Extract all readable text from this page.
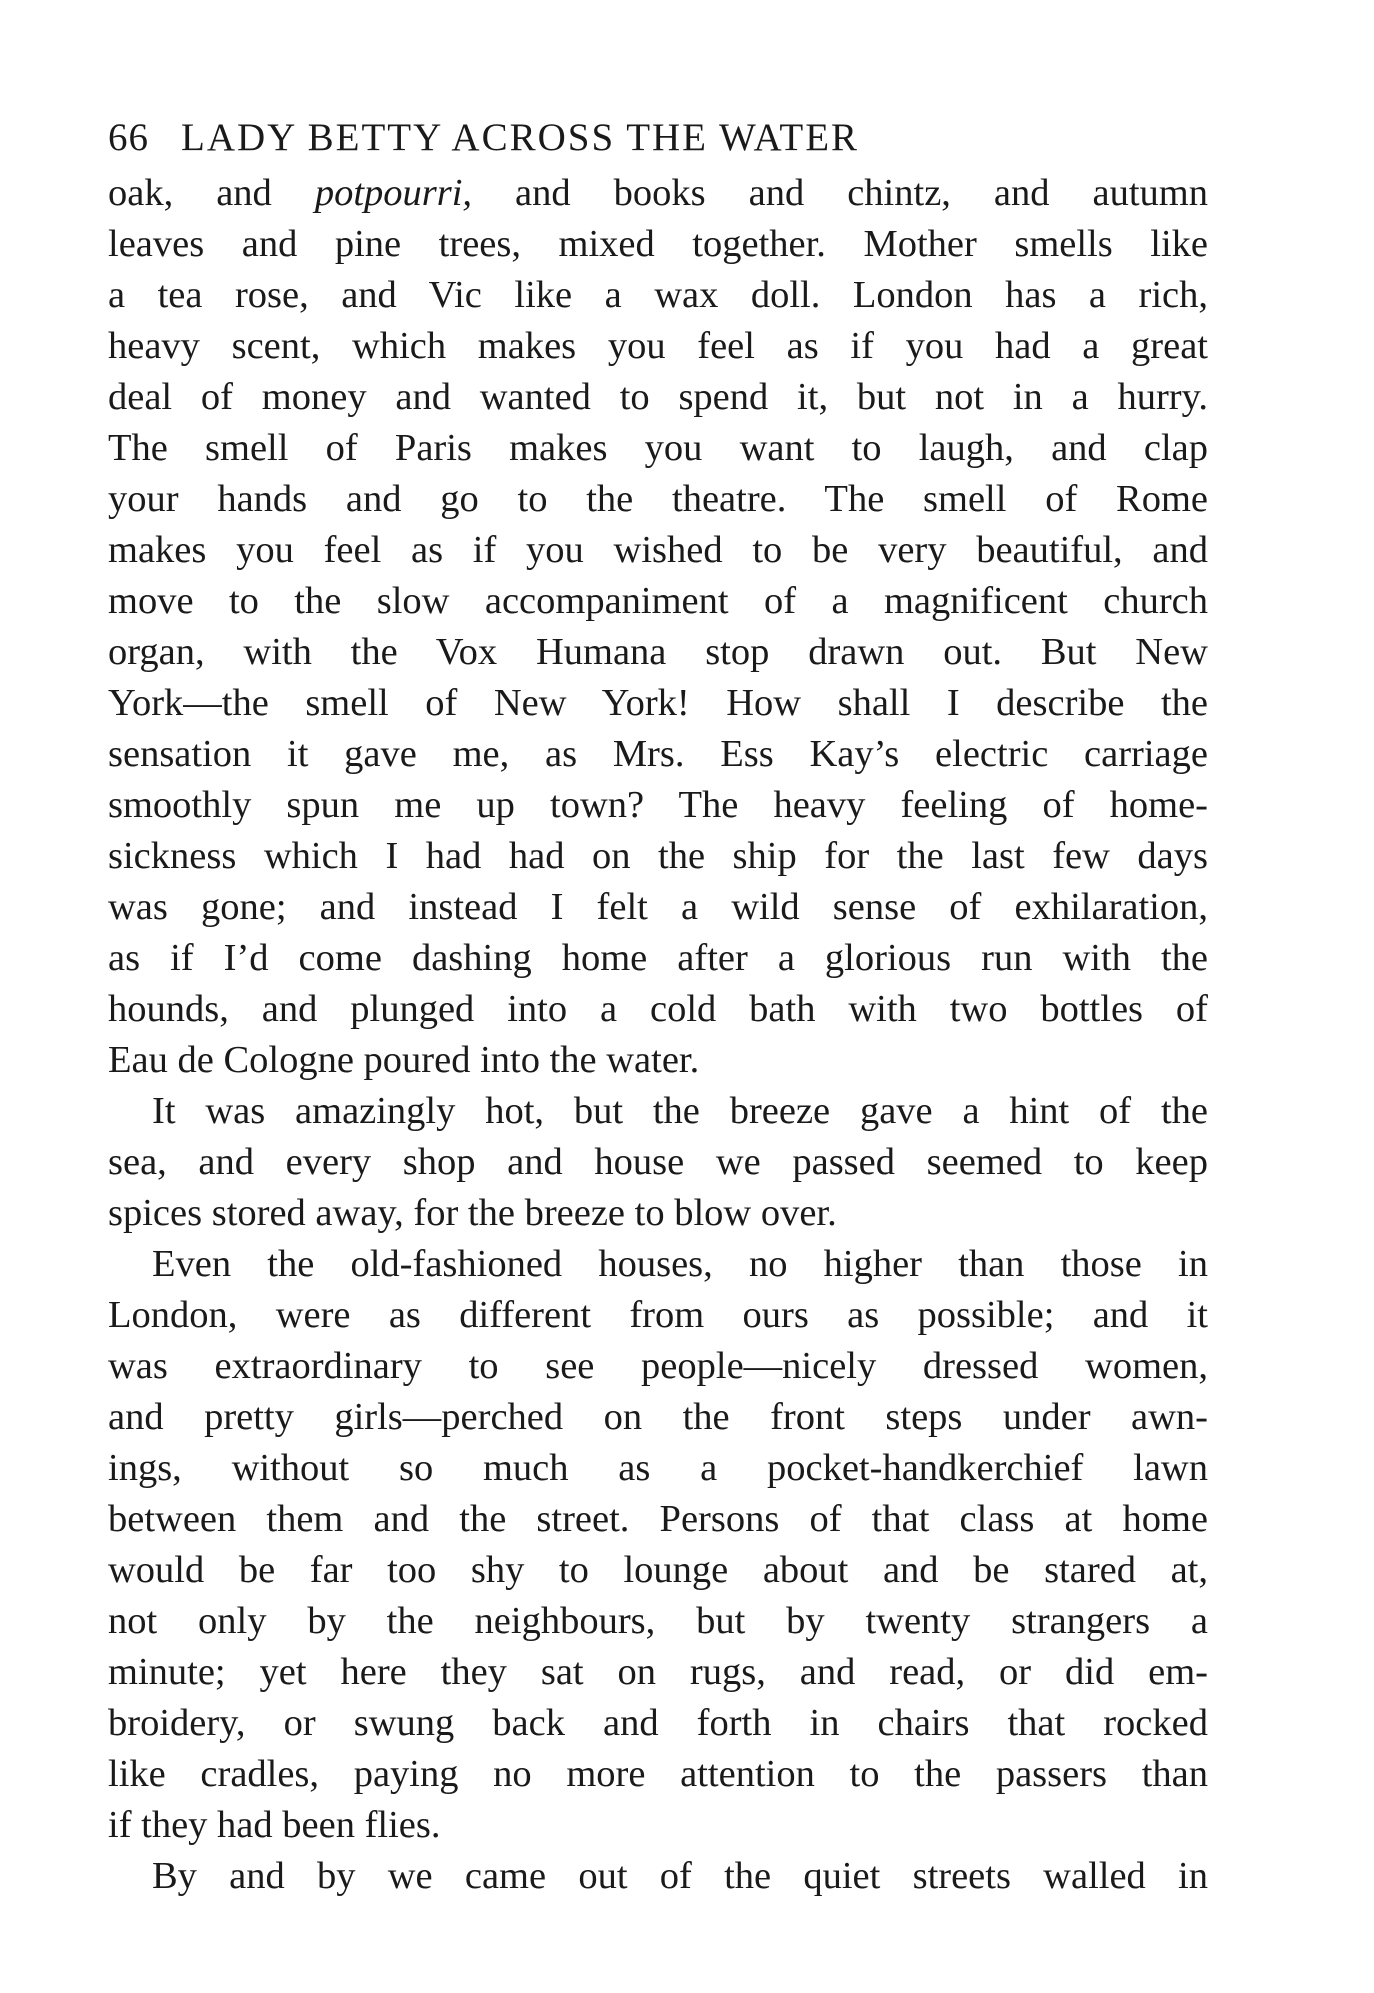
66 LADY BETTY ACROSS THE WATER

oak, and potpourri, and books and chintz, and autumn
leaves and pine trees, mixed together. Mother smells like
a tea rose, and Vic like a wax doll. London has a rich,
heavy scent, which makes you feel as if you had a great
deal of money and wanted to spend it, but not in a hurry.
The smell of Paris makes you want to laugh, and clap
your hands and go to the theatre. The smell of Rome
makes you feel as if you wished to be very beautiful, and
move to the slow accompaniment of a magnificent church
organ, with the Vox Humana stop drawn out. But New
York—the smell of New York! How shall I describe the
sensation it gave me, as Mrs. Ess Kay’s electric carriage
smoothly spun me up town? The heavy feeling of home-
sickness which I had had on the ship for the last few days
was gone; and instead I felt a wild sense of exhilaration,
as if I’d come dashing home after a glorious run with the
hounds, and plunged into a cold bath with two bottles of
Eau de Cologne poured into the water.

It was amazingly hot, but the breeze gave a hint of the
sea, and every shop and house we passed seemed to keep
spices stored away, for the breeze to blow over.

Even the old-fashioned houses, no higher than those in
London, were as different from ours as possible; and it
was extraordinary to see people—nicely dressed women,
and pretty girls—perched on the front steps under awn-
ings, without so much as a pocket-handkerchief lawn
between them and the street. Persons of that class at home
would be far too shy to lounge about and be stared at,
not only by the neighbours, but by twenty strangers a
minute; yet here they sat on rugs, and read, or did em-
broidery, or swung back and forth in chairs that rocked
like cradles, paying no more attention to the passers than
if they had been flies.

By and by we came out of the quiet streets walled in
